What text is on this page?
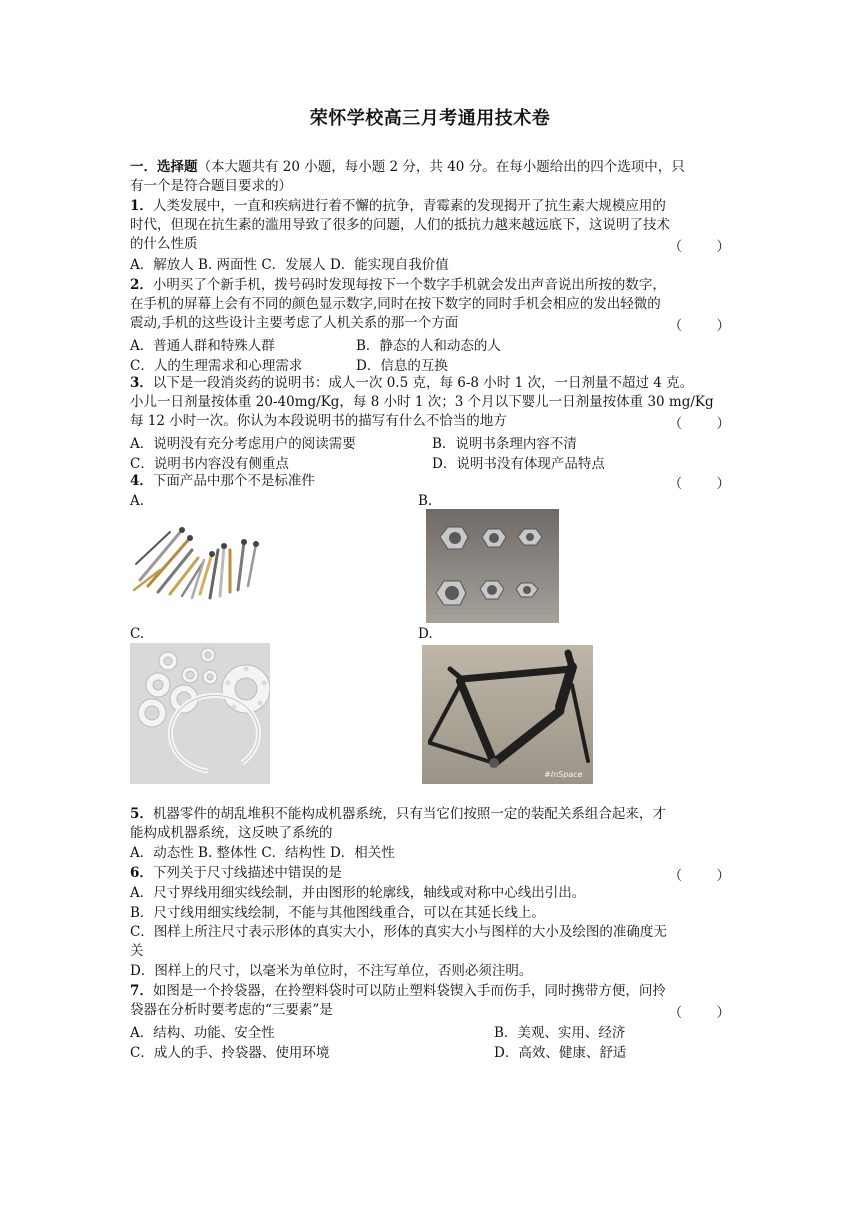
荣怀学校高三月考通用技术卷
一．选择题（本大题共有 20 小题，每小题 2 分，共 40 分。在每小题给出的四个选项中，只
有一个是符合题目要求的）
1．人类发展中，一直和疾病进行着不懈的抗争，青霉素的发现揭开了抗生素大规模应用的
时代，但现在抗生素的滥用导致了很多的问题，人们的抵抗力越来越远底下，这说明了技术
的什么性质	（        ）
A．解放人 B. 两面性 C．发展人 D．能实现自我价值
2．小明买了个新手机，拨号码时发现每按下一个数字手机就会发出声音说出所按的数字，
在手机的屏幕上会有不同的颜色显示数字,同时在按下数字的同时手机会相应的发出轻微的
震动,手机的这些设计主要考虑了人机关系的那一个方面	（        ）
A．普通人群和特殊人群	B．静态的人和动态的人
C．人的生理需求和心理需求	D．信息的互换
3．以下是一段消炎药的说明书：成人一次 0.5 克，每 6-8 小时 1 次，一日剂量不超过 4 克。
小儿一日剂量按体重 20-40mg/Kg，每 8 小时 1 次；3 个月以下婴儿一日剂量按体重 30 mg/Kg
每 12 小时一次。你认为本段说明书的描写有什么不恰当的地方	（        ）
A．说明没有充分考虑用户的阅读需要	B．说明书条理内容不清
C．说明书内容没有侧重点	D．说明书没有体现产品特点
4．下面产品中那个不是标准件	（        ）
A.	B.
C.	D.
#InSpace
5．机器零件的胡乱堆积不能构成机器系统，只有当它们按照一定的装配关系组合起来，才
能构成机器系统，这反映了系统的
A．动态性 B. 整体性 C．结构性 D．相关性
6．下列关于尺寸线描述中错误的是	（        ）
A．尺寸界线用细实线绘制，并由图形的轮廓线，轴线或对称中心线出引出。
B．尺寸线用细实线绘制，不能与其他图线重合，可以在其延长线上。
C．图样上所注尺寸表示形体的真实大小，形体的真实大小与图样的大小及绘图的准确度无
关
D．图样上的尺寸，以毫米为单位时，不注写单位，否则必须注明。
7．如图是一个拎袋器，在拎塑料袋时可以防止塑料袋锲入手而伤手，同时携带方便，问拎
袋器在分析时要考虑的“三要素”是	（        ）
A．结构、功能、安全性	B．美观、实用、经济
C．成人的手、拎袋器、使用环境	D．高效、健康、舒适
